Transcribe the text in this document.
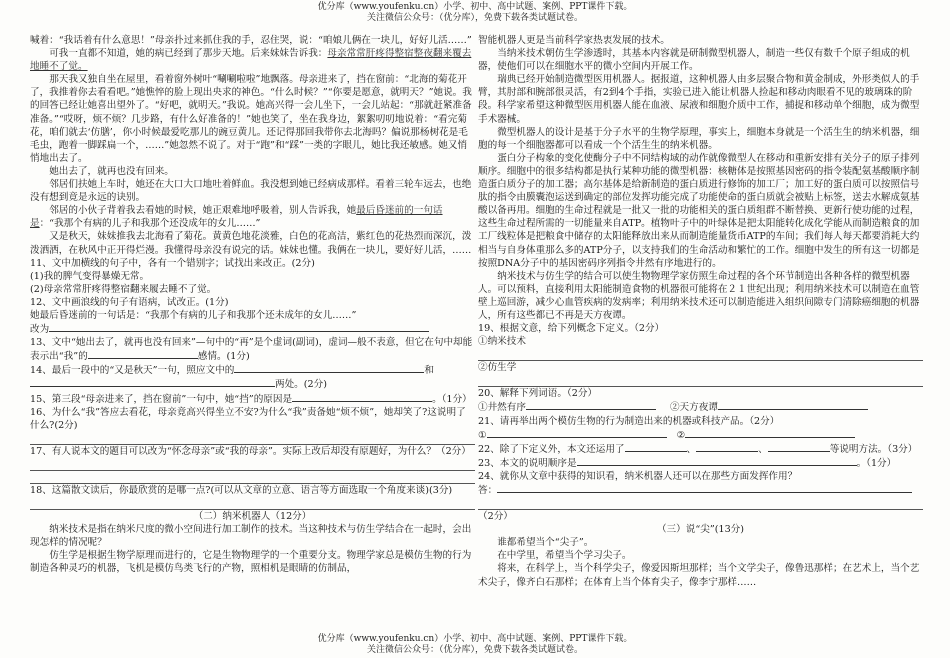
优分库（www.youfenku.cn）小学、初中、高中试题、案例、PPT课件下载。
关注微信公众号：（优分库），免费下载各类试题试卷。

喊着：“我话着有什么意思！”母亲扑过来抓住我的手，忍住哭，说：“咱娘儿俩在一块儿，好好儿活……”

可我一直都不知道，她的病已经到了那步天地。后来妹妹告诉我：母亲常常肝疼得整宿整夜翻来覆去地睡不了觉。

那天我又独自坐在屋里，看着窗外树叶“唰唰啦啦”地飘落。母亲进来了，挡在窗前：“北海的菊花开了，我推着你去看看吧。”她憔悴的脸上现出央求的神色。“什么时候？”“你要是愿意，就明天？”她说。我的回答已经让她喜出望外了。“好吧，就明天。”我说。她高兴得一会儿坐下，一会儿站起：“那就赶紧准备准备。”“哎呀，烦不烦？几步路，有什么好准备的！”她也笑了，坐在我身边，絮絮叨叨地说着：“看完菊花，咱们就去‘仿膳’，你小时候最爱吃那儿的豌豆黄儿。还记得那回我带你去北海吗？偏说那杨树花是毛毛虫，跑着一脚踩扁一个，……”她忽然不说了。对于“跑”和“踩”一类的字眼儿，她比我还敏感。她又悄悄地出去了。

她出去了，就再也没有回来。

邻居们扶她上车时，她还在大口大口地吐着鲜血。我没想到她已经病成那样。看着三轮车远去，也绝没有想到竟是永远的诀别。

邻居的小伙子背着我去看她的时候，她正艰难地呼吸着，别人告诉我，她最后昏迷前的一句话是：“我那个有病的儿子和我那个还没成年的女儿……”

又是秋天，妹妹推我去北海看了菊花。黄黄色地花淡雅，白色的花高洁，紫红色的花热烈而深沉，泼泼洒洒，在秋风中正开得烂漫。我懂得母亲没有说完的话。妹妹也懂。我俩在一块儿，要好好儿活，……

11、文中加横线的句子中，各有一个错别字；试找出来改正。(2分)

(1)我的脾气变得暴燥无常。

(2)母亲常常肝疼得整宿翻来履去睡不了觉。

12、文中画浪线的句子有语病，试改正。(1分)

她最后昏迷前的一句话是：“我那个有病的儿子和我那个还未成年的女儿……”

改为

13、文中“她出去了，就再也没有回来”—句中的“再”是个虚词(副词)，虚词—般不表意，但它在句中却能表示出“我”的	感情。(1分)

14、最后一段中的“又是秋天”一句，照应文中的	和

两处。(2分)

15、第三段“母亲进来了，挡在窗前”一句中，她“挡”的原因是	。（1分）

16、为什么“我”答应去看花，母亲竟高兴得坐立不安?为什么“我”责备她“烦不烦”，她却笑了?这说明了什么?(2分)

17、有人说本文的题目可以改为“怀念母亲”或“我的母亲”。实际上改后却没有原题好，为什么？（2分）

18、这篇散文读后，你最欣赏的是哪一点?(可以从文章的立意、语言等方面选取一个角度来谈)(3分)

（二）纳米机器人（12分）

纳米技术是指在纳米尺度的微小空间进行加工制作的技术。当这种技术与仿生学结合在一起时，会出现怎样的情况呢？

仿生学是根据生物学原理而进行的，它是生物物理学的一个重要分支。物理学家总是模仿生物的行为制造各种灵巧的机器，飞机是模仿鸟类飞行的产物，照相机是眼睛的仿制品，

智能机器人更是当前科学家热衷发展的技术。

当纳米技术朝仿生学渗透时，其基本内容就是研制微型机器人，制造一些仅有数千个原子组成的机器，使他们可以在细胞水平的微小空间内开展工作。

瑞典已经开始制造微型医用机器人。据报道，这种机器人由多层聚合物和黄金制成，外形类似人的手臂，其肘部和腕部很灵活，有2到4个手指，实验已进入能让机器人捡起和移动肉眼看不见的玻璃珠的阶段。科学家希望这种微型医用机器人能在血液、尿液和细胞介质中工作，捕捉和移动单个细胞，成为微型手术器械。

微型机器人的设计是基于分子水平的生物学原理，事实上，细胞本身就是一个活生生的纳米机器，细胞的每一个细胞器都可以看成一个个活生生的纳米机器。

蛋白分子构象的变化使酶分子中不同结构域的动作就像微型人在移动和重新安排有关分子的原子排列顺序。细胞中的很多结构都是执行某种功能的微型机器：核糖体是按照基因密码的指令装配氨基酸顺序制造蛋白质分子的加工器；高尔基体是给新制造的蛋白质进行修饰的加工厂；加工好的蛋白质可以按照信号肽的指令由膜囊泡运送到确定的部位发挥功能完成了功能使命的蛋白质就会被贴上标签，送去水解成氨基酸以备再用。细胞的生命过程就是一批又一批的功能相关的蛋白质组群不断替换、更新行使功能的过程，这些生命过程所需的一切能量来自ATP。植物叶子中的叶绿体是把太阳能转化成化学能从而制造粮食的加工厂线粒体是把粮食中储存的太阳能释放出来从而制造能量货币ATP的车间；我们每人每天都要消耗大约相当与自身体重那么多的ATP分子，以支持我们的生命活动和繁忙的工作。细胞中发生的所有这一切都是按照DNA分子中的基因密码序列指令井然有序地进行的。

纳米技术与仿生学的结合可以使生物物理学家仿照生命过程的各个环节制造出各种各样的微型机器人。可以预料，直接利用太阳能制造食物的机器很可能将在２１世纪出现；利用纳米技术可以制造在血管壁上巡回游，减少心血管疾病的发病率；利用纳米技术还可以制造能进入组织间隙专门清除癌细胞的机器人，所有这些都已不再是天方夜谭。

19、根据文意，给下列概念下定义。（2分）

①纳米技术

②仿生学

20、解释下列词语。（2分）

①井然有序	②天方夜谭

21、请再举出两个模仿生物的行为制造出来的机器或科技产品。（2分）

①	②

22、除了下定义外，本文还运用了	、	、	等说明方法。（3分）

23、本文的说明顺序是	。（1分）

24、就你从文章中获得的知识看，纳米机器人还可以在那些方面发挥作用？

答：

（2分）

（三）说“尖”(13分)

谁都希望当个“尖子”。

在中学里，希望当个学习尖子。

将来，在科学上，当个科学尖子，像爱因斯坦那样；当个文学尖子，像鲁迅那样；在艺术上，当个艺术尖子，像齐白石那样；在体育上当个体育尖子，像李宁那样……

优分库（www.youfenku.cn）小学、初中、高中试题、案例、PPT课件下载。
关注微信公众号：（优分库），免费下载各类试题试卷。
